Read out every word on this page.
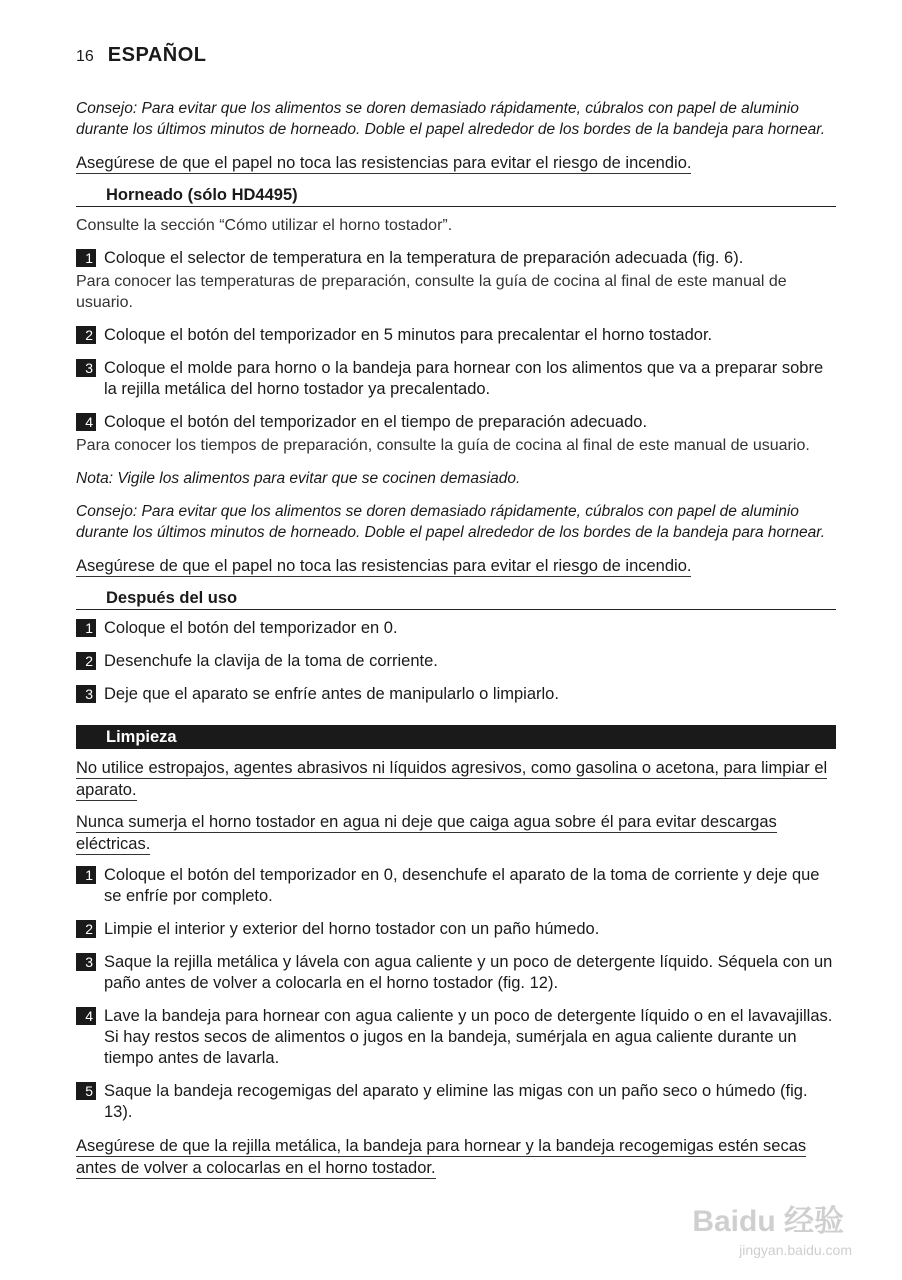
16 ESPAÑOL

Consejo: Para evitar que los alimentos se doren demasiado rápidamente, cúbralos con papel de aluminio durante los últimos minutos de horneado. Doble el papel alrededor de los bordes de la bandeja para hornear.

Asegúrese de que el papel no toca las resistencias para evitar el riesgo de incendio.

Horneado (sólo HD4495)

Consulte la sección “Cómo utilizar el horno tostador”.

1 Coloque el selector de temperatura en la temperatura de preparación adecuada (fig. 6).

Para conocer las temperaturas de preparación, consulte la guía de cocina al final de este manual de usuario.

2 Coloque el botón del temporizador en 5 minutos para precalentar el horno tostador.
3 Coloque el molde para horno o la bandeja para hornear con los alimentos que va a preparar sobre la rejilla metálica del horno tostador ya precalentado.
4 Coloque el botón del temporizador en el tiempo de preparación adecuado.

Para conocer los tiempos de preparación, consulte la guía de cocina al final de este manual de usuario.

Nota: Vigile los alimentos para evitar que se cocinen demasiado.

Consejo: Para evitar que los alimentos se doren demasiado rápidamente, cúbralos con papel de aluminio durante los últimos minutos de horneado. Doble el papel alrededor de los bordes de la bandeja para hornear.

Asegúrese de que el papel no toca las resistencias para evitar el riesgo de incendio.

Después del uso
1 Coloque el botón del temporizador en 0.
2 Desenchufe la clavija de la toma de corriente.
3 Deje que el aparato se enfríe antes de manipularlo o limpiarlo.
Limpieza

No utilice estropajos, agentes abrasivos ni líquidos agresivos, como gasolina o acetona, para limpiar el aparato.

Nunca sumerja el horno tostador en agua ni deje que caiga agua sobre él para evitar descargas eléctricas.

1 Coloque el botón del temporizador en 0, desenchufe el aparato de la toma de corriente y deje que se enfríe por completo.
2 Limpie el interior y exterior del horno tostador con un paño húmedo.
3 Saque la rejilla metálica y lávela con agua caliente y un poco de detergente líquido. Séquela con un paño antes de volver a colocarla en el horno tostador (fig. 12).
4 Lave la bandeja para hornear con agua caliente y un poco de detergente líquido o en el lavavajillas. Si hay restos secos de alimentos o jugos en la bandeja, sumérjala en agua caliente durante un tiempo antes de lavarla.
5 Saque la bandeja recogemigas del aparato y elimine las migas con un paño seco o húmedo (fig. 13).

Asegúrese de que la rejilla metálica, la bandeja para hornear y la bandeja recogemigas estén secas antes de volver a colocarlas en el horno tostador.

Baidu 经验
jingyan.baidu.com
